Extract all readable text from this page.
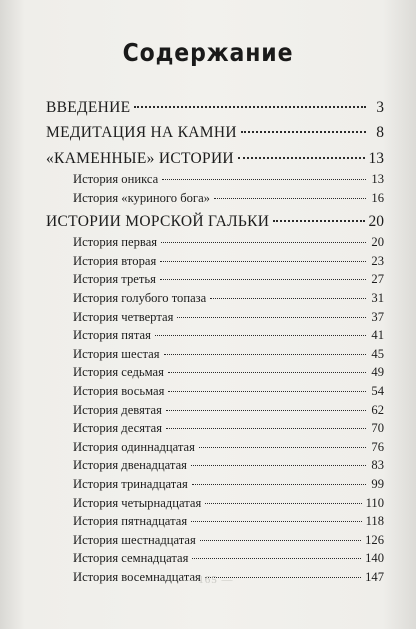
Содержание
ВВЕДЕНИЕ	3
МЕДИТАЦИЯ НА КАМНИ	8
«КАМЕННЫЕ» ИСТОРИИ	13
История оникса	13
История «куриного бога»	16
ИСТОРИИ МОРСКОЙ ГАЛЬКИ	20
История первая	20
История вторая	23
История третья	27
История голубого топаза	31
История четвертая	37
История пятая	41
История шестая	45
История седьмая	49
История восьмая	54
История девятая	62
История десятая	70
История одиннадцатая	76
История двенадцатая	83
История тринадцатая	99
История четырнадцатая	110
История пятнадцатая	118
История шестнадцатая	126
История семнадцатая	140
История восемнадцатая	147
— 165 —
